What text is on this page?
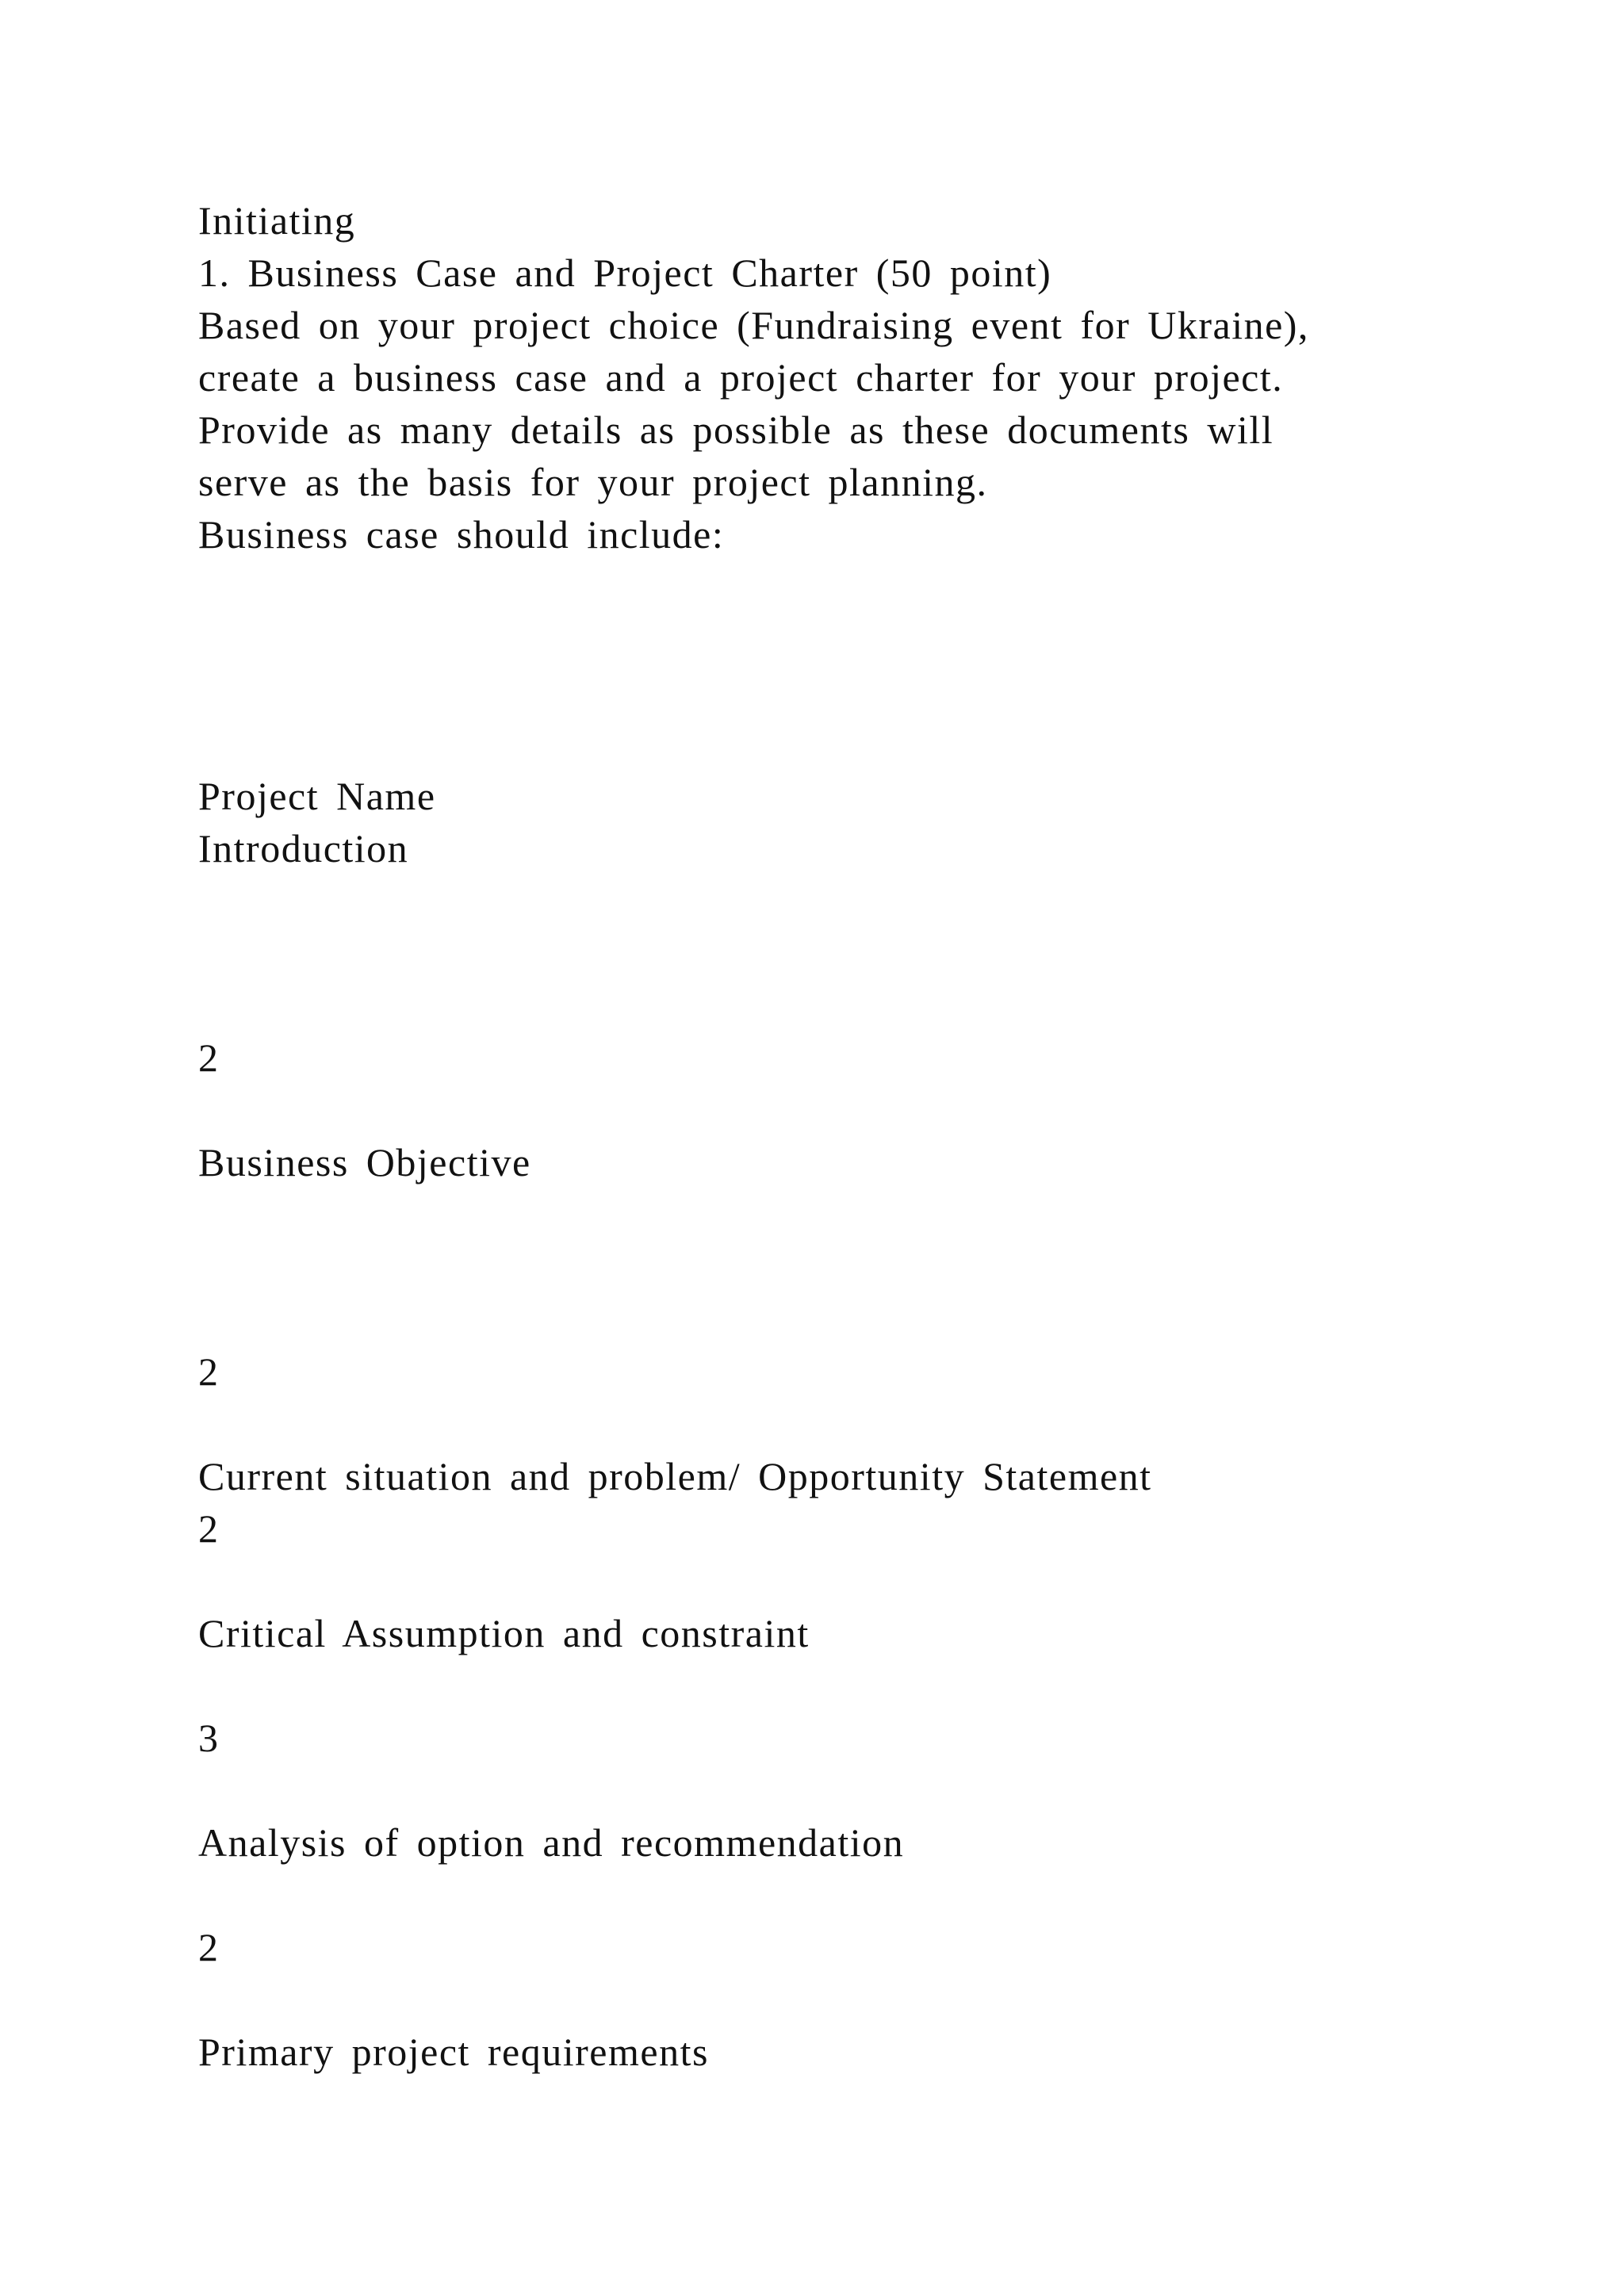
Initiating
1. Business Case and Project Charter (50 point)
Based on your project choice (Fundraising event for Ukraine),
create a business case and a project charter for your project.
Provide as many details as possible as these documents will
serve as the basis for your project planning.
Business case should include:
Project Name
Introduction
2
Business Objective
2
Current situation and problem/ Opportunity Statement
2
Critical Assumption and constraint
3
Analysis of option and recommendation
2
Primary project requirements
